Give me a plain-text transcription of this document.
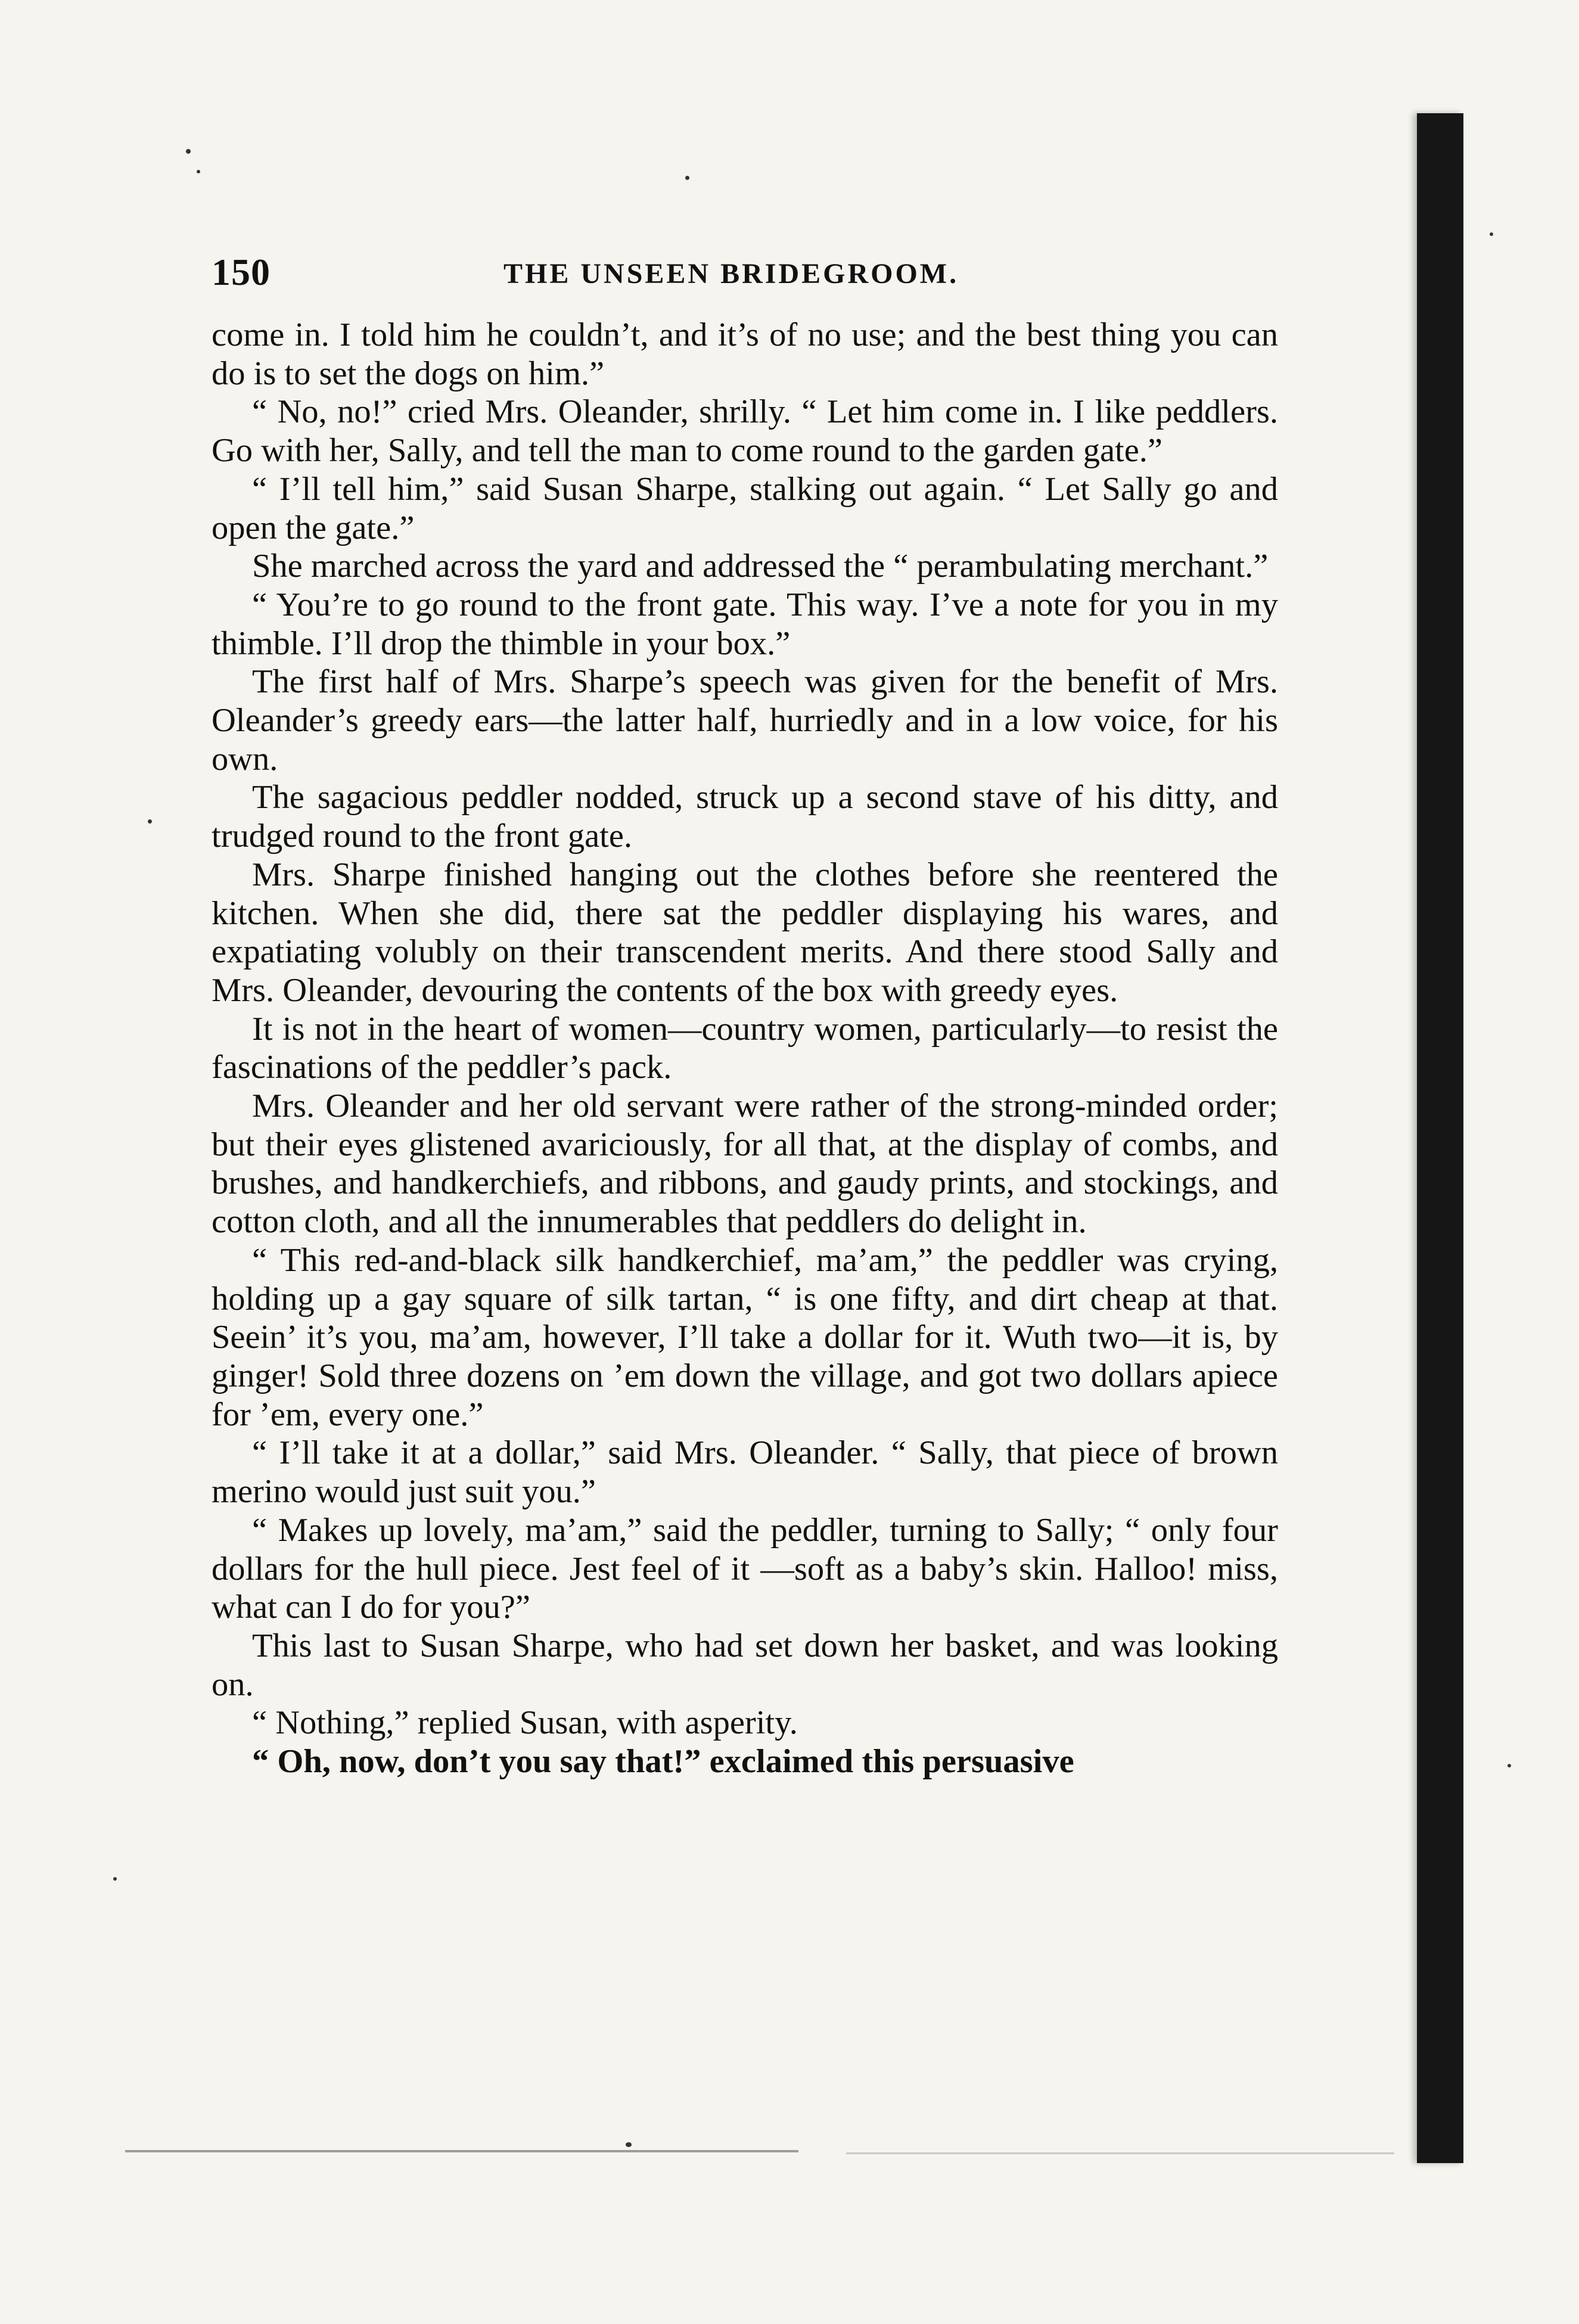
150	THE UNSEEN BRIDEGROOM.

come in. I told him he couldn’t, and it’s of no use; and the best thing you can do is to set the dogs on him.”

“ No, no!” cried Mrs. Oleander, shrilly. “ Let him come in. I like peddlers. Go with her, Sally, and tell the man to come round to the garden gate.”

“ I’ll tell him,” said Susan Sharpe, stalking out again. “ Let Sally go and open the gate.”

She marched across the yard and addressed the “ perambulating merchant.”

“ You’re to go round to the front gate. This way. I’ve a note for you in my thimble. I’ll drop the thimble in your box.”

The first half of Mrs. Sharpe’s speech was given for the benefit of Mrs. Oleander’s greedy ears—the latter half, hurriedly and in a low voice, for his own.

The sagacious peddler nodded, struck up a second stave of his ditty, and trudged round to the front gate.

Mrs. Sharpe finished hanging out the clothes before she reentered the kitchen. When she did, there sat the peddler displaying his wares, and expatiating volubly on their transcendent merits. And there stood Sally and Mrs. Oleander, devouring the contents of the box with greedy eyes.

It is not in the heart of women—country women, particularly—to resist the fascinations of the peddler’s pack.

Mrs. Oleander and her old servant were rather of the strong-minded order; but their eyes glistened avariciously, for all that, at the display of combs, and brushes, and handkerchiefs, and ribbons, and gaudy prints, and stockings, and cotton cloth, and all the innumerables that peddlers do delight in.

“ This red-and-black silk handkerchief, ma’am,” the peddler was crying, holding up a gay square of silk tartan, “ is one fifty, and dirt cheap at that. Seein’ it’s you, ma’am, however, I’ll take a dollar for it. Wuth two—it is, by ginger! Sold three dozens on ’em down the village, and got two dollars apiece for ’em, every one.”

“ I’ll take it at a dollar,” said Mrs. Oleander. “ Sally, that piece of brown merino would just suit you.”

“ Makes up lovely, ma’am,” said the peddler, turning to Sally; “ only four dollars for the hull piece. Jest feel of it —soft as a baby’s skin. Halloo! miss, what can I do for you?”

This last to Susan Sharpe, who had set down her basket, and was looking on.

“ Nothing,” replied Susan, with asperity.

“ Oh, now, don’t you say that!” exclaimed this persuasive
